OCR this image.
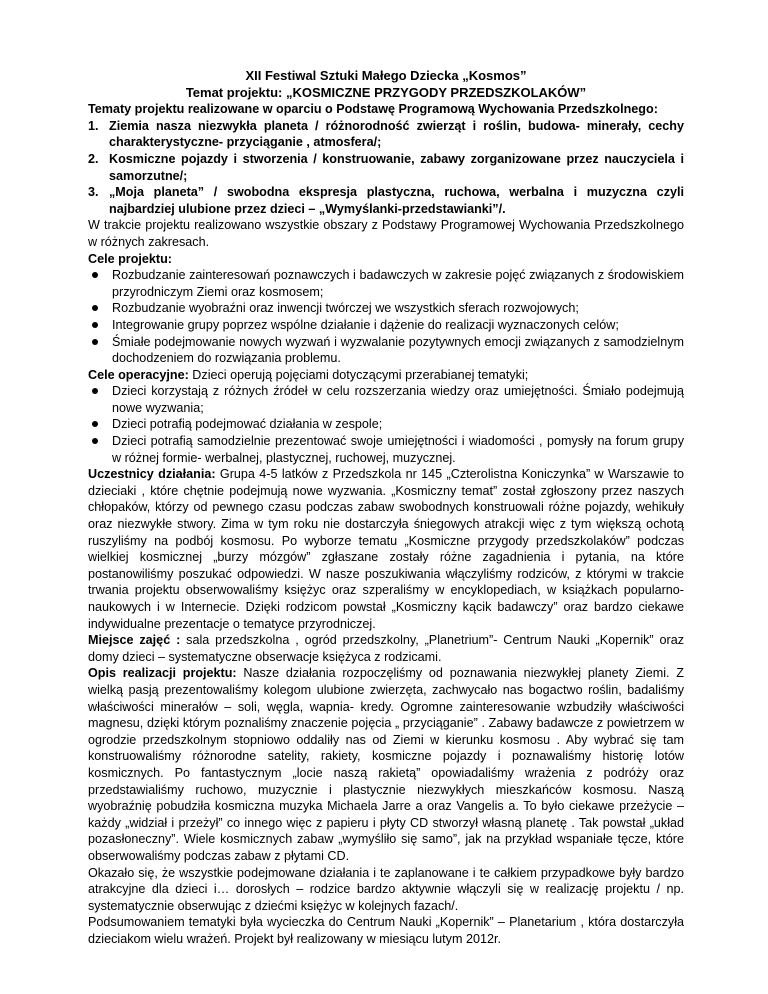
XII Festiwal Sztuki Małego Dziecka „Kosmos”
Temat projektu: „KOSMICZNE PRZYGODY PRZEDSZKOLAKÓW”

Tematy projektu realizowane w oparciu o Podstawę Programową Wychowania Przedszkolnego:

1. Ziemia nasza niezwykła planeta / różnorodność zwierząt i roślin, budowa- minerały, cechy charakterystyczne- przyciąganie , atmosfera/;
2. Kosmiczne pojazdy i stworzenia / konstruowanie, zabawy zorganizowane przez nauczyciela i samorzutne/;
3. „Moja planeta” / swobodna ekspresja plastyczna, ruchowa, werbalna i muzyczna czyli najbardziej ulubione przez dzieci – „Wymyślanki-przedstawianki”/.

W trakcie projektu realizowano wszystkie obszary z Podstawy Programowej Wychowania Przedszkolnego w różnych zakresach.

Cele projektu:

Rozbudzanie zainteresowań poznawczych i badawczych w zakresie pojęć związanych z środowiskiem przyrodniczym Ziemi oraz kosmosem;
Rozbudzanie wyobraźni oraz inwencji twórczej we wszystkich sferach rozwojowych;
Integrowanie grupy poprzez wspólne działanie i dążenie do realizacji wyznaczonych celów;
Śmiałe podejmowanie nowych wyzwań i wyzwalanie pozytywnych emocji związanych z samodzielnym dochodzeniem do rozwiązania problemu.

Cele operacyjne: Dzieci operują pojęciami dotyczącymi przerabianej tematyki;

Dzieci korzystają z różnych źródeł w celu rozszerzania wiedzy oraz umiejętności. Śmiało podejmują nowe wyzwania;
Dzieci potrafią podejmować działania w zespole;
Dzieci potrafią samodzielnie prezentować swoje umiejętności i wiadomości , pomysły na forum grupy w różnej formie- werbalnej, plastycznej, ruchowej, muzycznej.

Uczestnicy działania: Grupa 4-5 latków z Przedszkola nr 145 „Czterolistna Koniczynka” w Warszawie to dzieciaki , które chętnie podejmują nowe wyzwania. „Kosmiczny temat” został zgłoszony przez naszych chłopaków, którzy od pewnego czasu podczas zabaw swobodnych konstruowali różne pojazdy, wehikuły oraz niezwykłe stwory. Zima w tym roku nie dostarczyła śniegowych atrakcji więc z tym większą ochotą ruszyliśmy na podbój kosmosu. Po wyborze tematu „Kosmiczne przygody przedszkolaków” podczas wielkiej kosmicznej „burzy mózgów” zgłaszane zostały różne zagadnienia i pytania, na które postanowiliśmy poszukać odpowiedzi. W nasze poszukiwania włączyliśmy rodziców, z którymi w trakcie trwania projektu obserwowaliśmy księżyc oraz szperaliśmy w encyklopediach, w książkach popularno-naukowych i w Internecie. Dzięki rodzicom powstał „Kosmiczny kącik badawczy” oraz bardzo ciekawe indywidualne prezentacje o tematyce przyrodniczej.

Miejsce zajęć : sala przedszkolna , ogród przedszkolny, „Planetrium”- Centrum Nauki „Kopernik” oraz domy dzieci – systematyczne obserwacje księżyca z rodzicami.

Opis realizacji projektu: Nasze działania rozpoczęliśmy od poznawania niezwykłej planety Ziemi. Z wielką pasją prezentowaliśmy kolegom ulubione zwierzęta, zachwycało nas bogactwo roślin, badaliśmy właściwości minerałów – soli, węgla, wapnia- kredy. Ogromne zainteresowanie wzbudziły właściwości magnesu, dzięki którym poznaliśmy znaczenie pojęcia „ przyciąganie” . Zabawy badawcze z powietrzem w ogrodzie przedszkolnym stopniowo oddaliły nas od Ziemi w kierunku kosmosu . Aby wybrać się tam konstruowaliśmy różnorodne satelity, rakiety, kosmiczne pojazdy i poznawaliśmy historię lotów kosmicznych. Po fantastycznym „locie naszą rakietą” opowiadaliśmy wrażenia z podróży oraz przedstawialiśmy ruchowo, muzycznie i plastycznie niezwykłych mieszkańców kosmosu. Naszą wyobraźnię pobudziła kosmiczna muzyka Michaela Jarre a oraz Vangelis a. To było ciekawe przeżycie – każdy „widział i przeżył” co innego więc z papieru i płyty CD stworzył własną planetę . Tak powstał „układ pozasłoneczny”. Wiele kosmicznych zabaw „wymyśliło się samo”, jak na przykład wspaniałe tęcze, które obserwowaliśmy podczas zabaw z płytami CD.

Okazało się, że wszystkie podejmowane działania i te zaplanowane i te całkiem przypadkowe były bardzo atrakcyjne dla dzieci i… dorosłych – rodzice bardzo aktywnie włączyli się w realizację projektu / np. systematycznie obserwując z dziećmi księżyc w kolejnych fazach/.

Podsumowaniem tematyki była wycieczka do Centrum Nauki „Kopernik” – Planetarium , która dostarczyła dzieciakom wielu wrażeń. Projekt był realizowany w miesiącu lutym 2012r.
